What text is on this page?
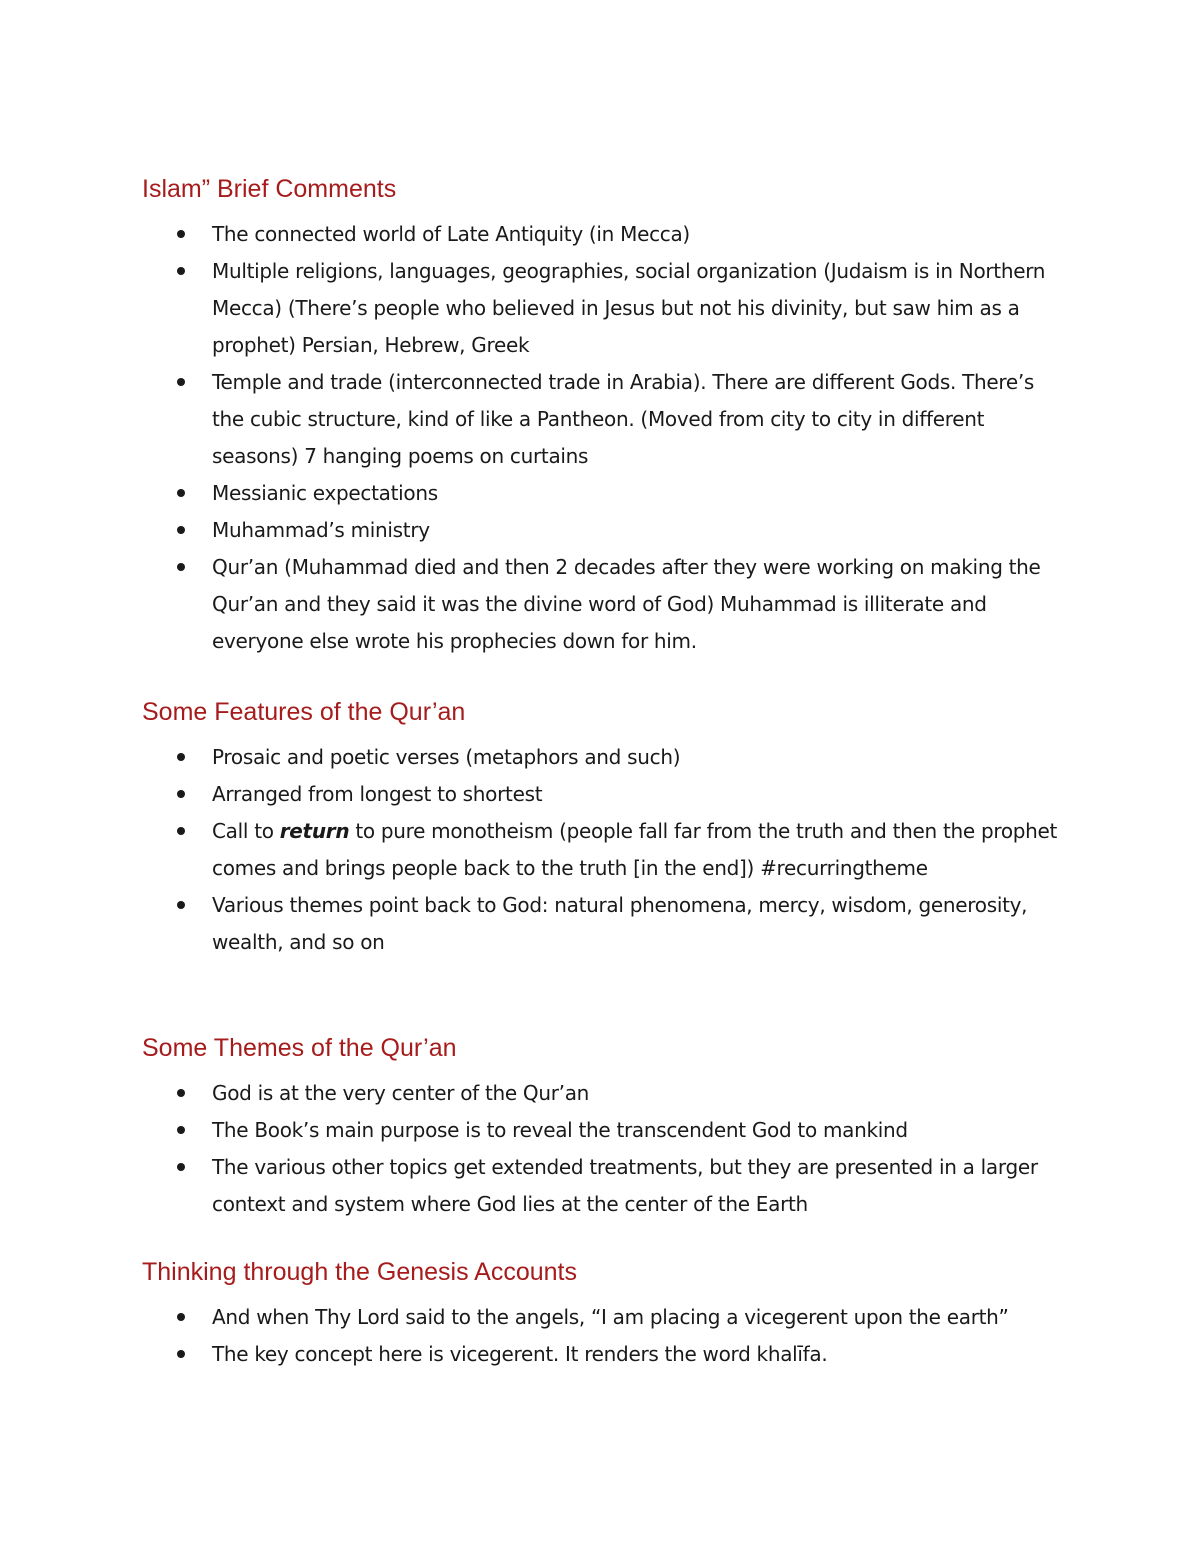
Islam” Brief Comments
The connected world of Late Antiquity (in Mecca)
Multiple religions, languages, geographies, social organization (Judaism is in Northern Mecca) (There’s people who believed in Jesus but not his divinity, but saw him as a prophet) Persian, Hebrew, Greek
Temple and trade (interconnected trade in Arabia). There are different Gods. There’s the cubic structure, kind of like a Pantheon. (Moved from city to city in different seasons) 7 hanging poems on curtains
Messianic expectations
Muhammad’s ministry
Qur’an (Muhammad died and then 2 decades after they were working on making the Qur’an and they said it was the divine word of God) Muhammad is illiterate and everyone else wrote his prophecies down for him.
Some Features of the Qur’an
Prosaic and poetic verses (metaphors and such)
Arranged from longest to shortest
Call to return to pure monotheism (people fall far from the truth and then the prophet comes and brings people back to the truth [in the end]) #recurringtheme
Various themes point back to God: natural phenomena, mercy, wisdom, generosity, wealth, and so on
Some Themes of the Qur’an
God is at the very center of the Qur’an
The Book’s main purpose is to reveal the transcendent God to mankind
The various other topics get extended treatments, but they are presented in a larger context and system where God lies at the center of the Earth
Thinking through the Genesis Accounts
And when Thy Lord said to the angels, “I am placing a vicegerent upon the earth”
The key concept here is vicegerent. It renders the word khalīfa.
